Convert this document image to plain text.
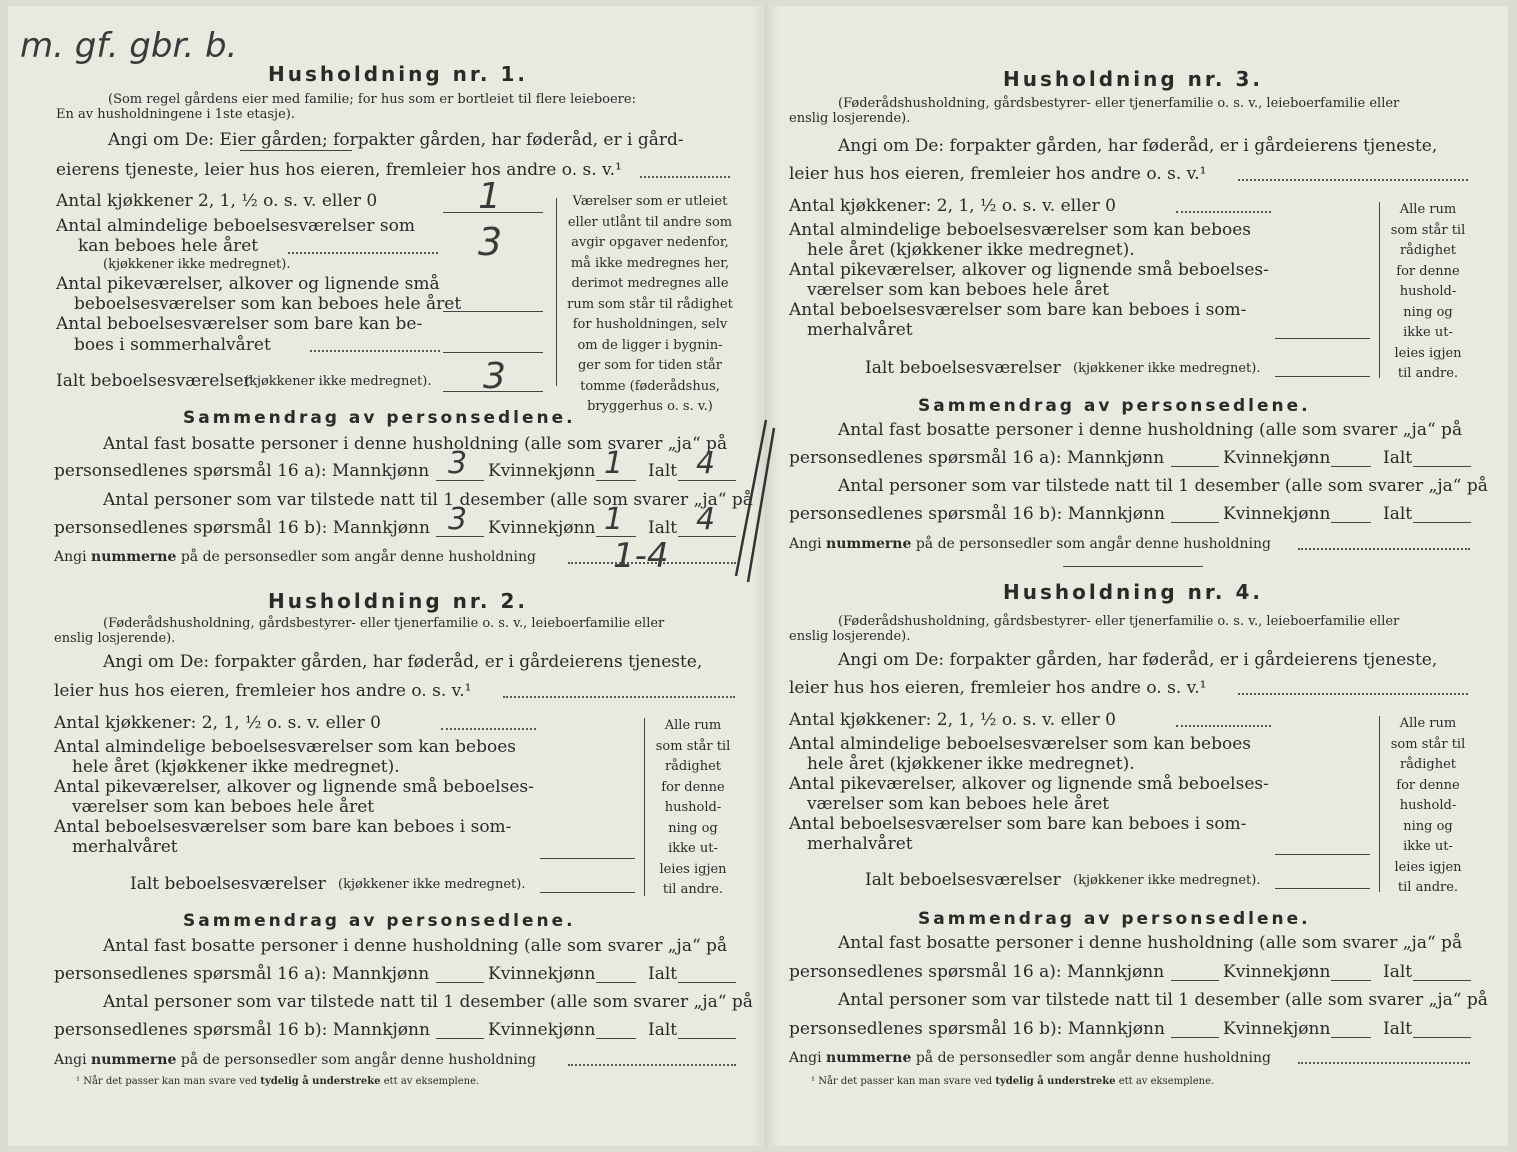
m. gf. gbr. b.
Husholdning nr. 1.
(Som regel gårdens eier med familie; for hus som er bortleiet til flere leieboere:
En av husholdningene i 1ste etasje).
Angi om De: Eier gården; forpakter gården, har føderåd, er i gård-
eierens tjeneste, leier hus hos eieren, fremleier hos andre o. s. v.¹
Antal kjøkkener 2, 1, ½ o. s. v. eller 0	1
Antal almindelige beboelsesværelser som
kan beboes hele året	3
(kjøkkener ikke medregnet).
Antal pikeværelser, alkover og lignende små
beboelsesværelser som kan beboes hele året
Antal beboelsesværelser som bare kan be-
boes i sommerhalvåret
Ialt beboelsesværelser
(kjøkkener ikke medregnet). 3
Værelser som er utleiet
eller utlånt til andre som
avgir opgaver nedenfor,
må ikke medregnes her,
derimot medregnes alle
rum som står til rådighet
for husholdningen, selv
om de ligger i bygnin-
ger som for tiden står
tomme (føderådshus,
bryggerhus o. s. v.)
Sammendrag av personsedlene.
Antal fast bosatte personer i denne husholdning (alle som svarer „ja“ på
personsedlenes spørsmål 16 a): Mannkjønn 3 Kvinnekjønn 1 Ialt 4
Antal personer som var tilstede natt til 1 desember (alle som svarer „ja“ på
personsedlenes spørsmål 16 b): Mannkjønn 3 Kvinnekjønn 1 Ialt 4
Angi nummerne på de personsedler som angår denne husholdning 1-4
Husholdning nr. 2.
(Føderådshusholdning, gårdsbestyrer- eller tjenerfamilie o. s. v., leieboerfamilie eller
enslig losjerende).
Angi om De: forpakter gården, har føderåd, er i gårdeierens tjeneste,
leier hus hos eieren, fremleier hos andre o. s. v.¹
Antal kjøkkener: 2, 1, ½ o. s. v. eller 0
Antal almindelige beboelsesværelser som kan beboes
hele året (kjøkkener ikke medregnet).
Antal pikeværelser, alkover og lignende små beboelses-
værelser som kan beboes hele året
Antal beboelsesværelser som bare kan beboes i som-
merhalvåret
Ialt beboelsesværelser (kjøkkener ikke medregnet).
Alle rum
som står til
rådighet
for denne
hushold-
ning og
ikke ut-
leies igjen
til andre.
Sammendrag av personsedlene.
Antal fast bosatte personer i denne husholdning (alle som svarer „ja“ på
personsedlenes spørsmål 16 a): Mannkjønn	Kvinnekjønn	Ialt
Antal personer som var tilstede natt til 1 desember (alle som svarer „ja“ på
personsedlenes spørsmål 16 b): Mannkjønn	Kvinnekjønn	Ialt
Angi nummerne på de personsedler som angår denne husholdning
¹ Når det passer kan man svare ved tydelig å understreke ett av eksemplene.
Husholdning nr. 3.
(Føderådshusholdning, gårdsbestyrer- eller tjenerfamilie o. s. v., leieboerfamilie eller
enslig losjerende).
Angi om De: forpakter gården, har føderåd, er i gårdeierens tjeneste,
leier hus hos eieren, fremleier hos andre o. s. v.¹
Antal kjøkkener: 2, 1, ½ o. s. v. eller 0
Antal almindelige beboelsesværelser som kan beboes
hele året (kjøkkener ikke medregnet).
Antal pikeværelser, alkover og lignende små beboelses-
værelser som kan beboes hele året
Antal beboelsesværelser som bare kan beboes i som-
merhalvåret
Ialt beboelsesværelser (kjøkkener ikke medregnet).
Alle rum
som står til
rådighet
for denne
hushold-
ning og
ikke ut-
leies igjen
til andre.
Sammendrag av personsedlene.
Antal fast bosatte personer i denne husholdning (alle som svarer „ja“ på
personsedlenes spørsmål 16 a): Mannkjønn	Kvinnekjønn	Ialt
Antal personer som var tilstede natt til 1 desember (alle som svarer „ja“ på
personsedlenes spørsmål 16 b): Mannkjønn	Kvinnekjønn	Ialt
Angi nummerne på de personsedler som angår denne husholdning
Husholdning nr. 4.
(Føderådshusholdning, gårdsbestyrer- eller tjenerfamilie o. s. v., leieboerfamilie eller
enslig losjerende).
Angi om De: forpakter gården, har føderåd, er i gårdeierens tjeneste,
leier hus hos eieren, fremleier hos andre o. s. v.¹
Antal kjøkkener: 2, 1, ½ o. s. v. eller 0
Antal almindelige beboelsesværelser som kan beboes
hele året (kjøkkener ikke medregnet).
Antal pikeværelser, alkover og lignende små beboelses-
værelser som kan beboes hele året
Antal beboelsesværelser som bare kan beboes i som-
merhalvåret
Ialt beboelsesværelser (kjøkkener ikke medregnet).
Alle rum
som står til
rådighet
for denne
hushold-
ning og
ikke ut-
leies igjen
til andre.
Sammendrag av personsedlene.
Antal fast bosatte personer i denne husholdning (alle som svarer „ja“ på
personsedlenes spørsmål 16 a): Mannkjønn	Kvinnekjønn	Ialt
Antal personer som var tilstede natt til 1 desember (alle som svarer „ja“ på
personsedlenes spørsmål 16 b): Mannkjønn	Kvinnekjønn	Ialt
Angi nummerne på de personsedler som angår denne husholdning
¹ Når det passer kan man svare ved tydelig å understreke ett av eksemplene.
